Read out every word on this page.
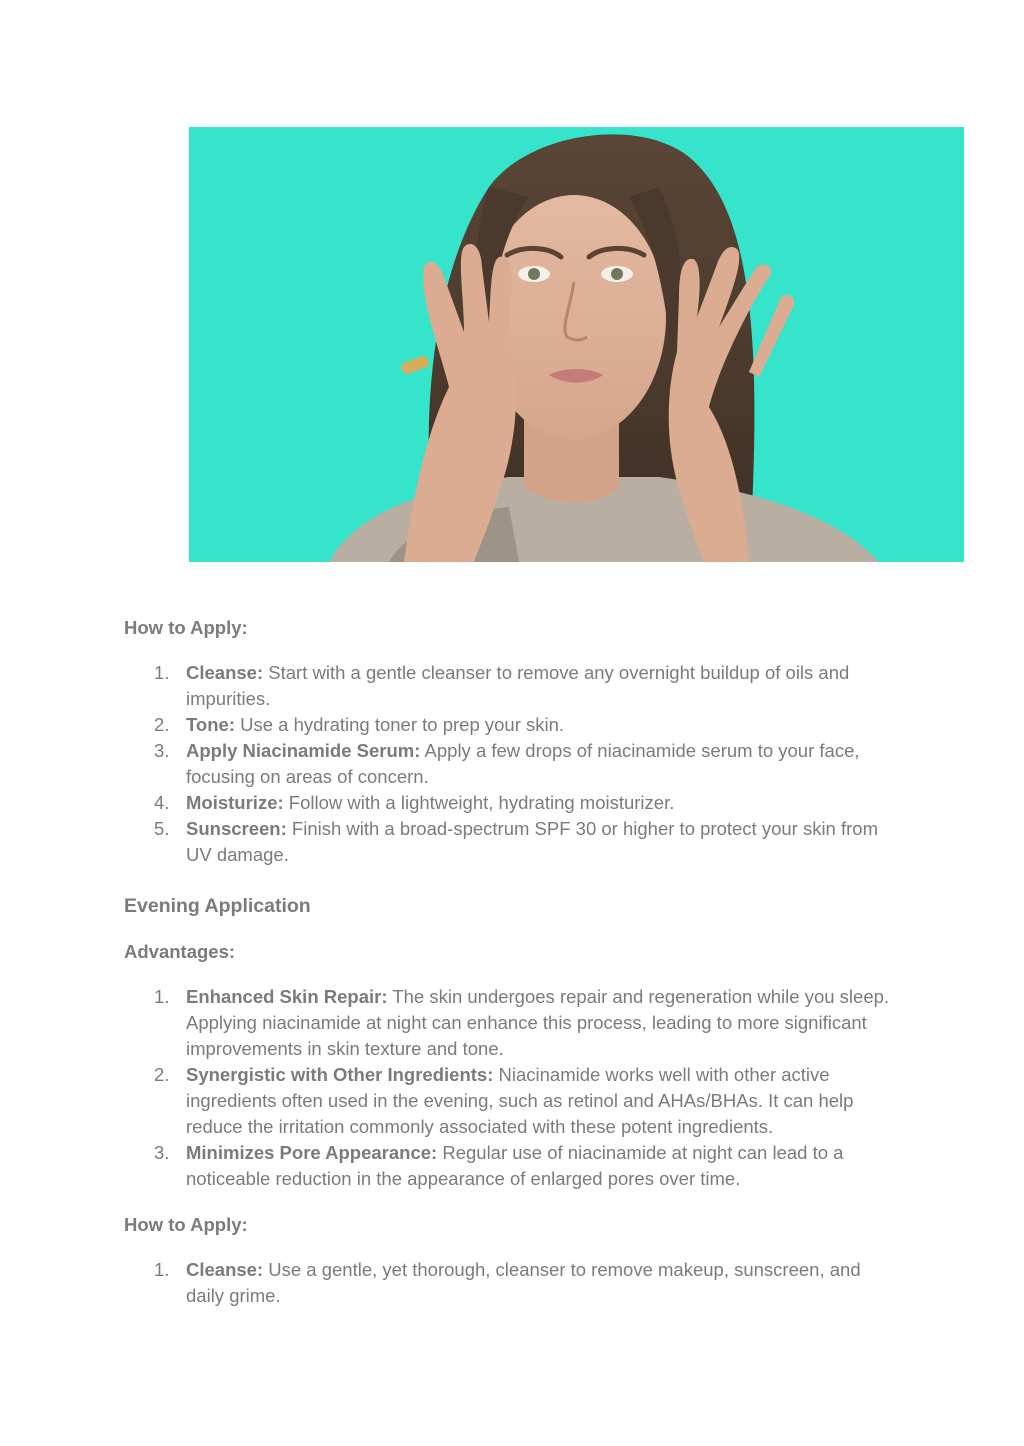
How to Apply:
1. Cleanse: Start with a gentle cleanser to remove any overnight buildup of oils and impurities.
2. Tone: Use a hydrating toner to prep your skin.
3. Apply Niacinamide Serum: Apply a few drops of niacinamide serum to your face, focusing on areas of concern.
4. Moisturize: Follow with a lightweight, hydrating moisturizer.
5. Sunscreen: Finish with a broad-spectrum SPF 30 or higher to protect your skin from UV damage.
Evening Application
Advantages:
1. Enhanced Skin Repair: The skin undergoes repair and regeneration while you sleep. Applying niacinamide at night can enhance this process, leading to more significant improvements in skin texture and tone.
2. Synergistic with Other Ingredients: Niacinamide works well with other active ingredients often used in the evening, such as retinol and AHAs/BHAs. It can help reduce the irritation commonly associated with these potent ingredients.
3. Minimizes Pore Appearance: Regular use of niacinamide at night can lead to a noticeable reduction in the appearance of enlarged pores over time.
How to Apply:
1. Cleanse: Use a gentle, yet thorough, cleanser to remove makeup, sunscreen, and daily grime.
